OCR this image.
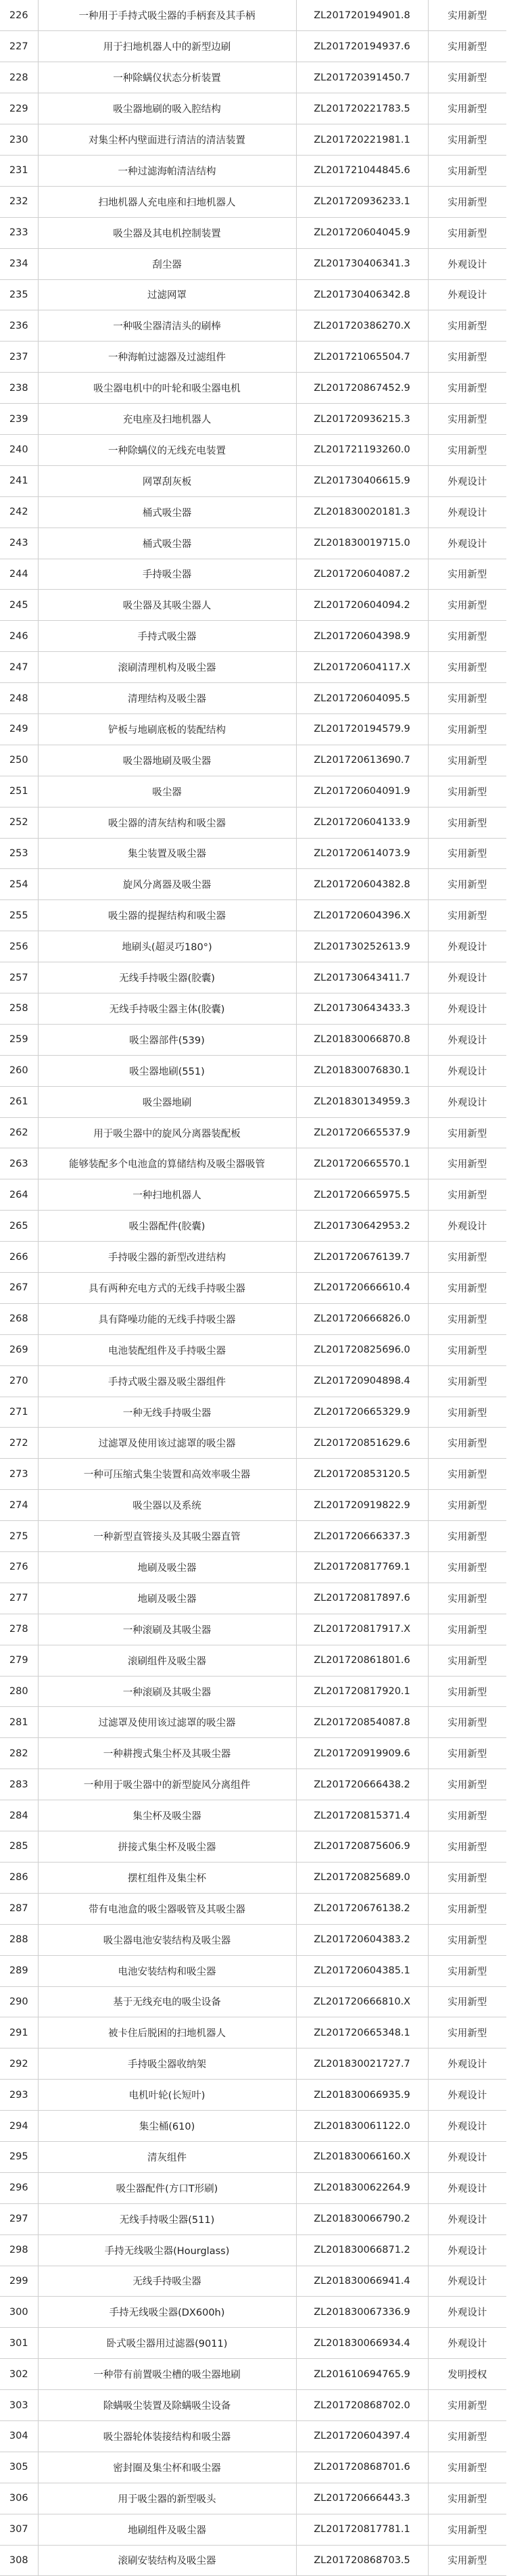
226	一种用于手持式吸尘器的手柄套及其手柄	ZL201720194901.8	实用新型
227	用于扫地机器人中的新型边刷	ZL201720194937.6	实用新型
228	一种除螨仪状态分析装置	ZL201720391450.7	实用新型
229	吸尘器地刷的吸入腔结构	ZL201720221783.5	实用新型
230	对集尘杯内壁面进行清洁的清洁装置	ZL201720221981.1	实用新型
231	一种过滤海帕清洁结构	ZL201721044845.6	实用新型
232	扫地机器人充电座和扫地机器人	ZL201720936233.1	实用新型
233	吸尘器及其电机控制装置	ZL201720604045.9	实用新型
234	刮尘器	ZL201730406341.3	外观设计
235	过滤网罩	ZL201730406342.8	外观设计
236	一种吸尘器清洁头的刷棒	ZL201720386270.X	实用新型
237	一种海帕过滤器及过滤组件	ZL201721065504.7	实用新型
238	吸尘器电机中的叶轮和吸尘器电机	ZL201720867452.9	实用新型
239	充电座及扫地机器人	ZL201720936215.3	实用新型
240	一种除螨仪的无线充电装置	ZL201721193260.0	实用新型
241	网罩刮灰板	ZL201730406615.9	外观设计
242	桶式吸尘器	ZL201830020181.3	外观设计
243	桶式吸尘器	ZL201830019715.0	外观设计
244	手持吸尘器	ZL201720604087.2	实用新型
245	吸尘器及其吸尘器人	ZL201720604094.2	实用新型
246	手持式吸尘器	ZL201720604398.9	实用新型
247	滚刷清理机构及吸尘器	ZL201720604117.X	实用新型
248	清理结构及吸尘器	ZL201720604095.5	实用新型
249	铲板与地刷底板的装配结构	ZL201720194579.9	实用新型
250	吸尘器地刷及吸尘器	ZL201720613690.7	实用新型
251	吸尘器	ZL201720604091.9	实用新型
252	吸尘器的清灰结构和吸尘器	ZL201720604133.9	实用新型
253	集尘装置及吸尘器	ZL201720614073.9	实用新型
254	旋风分离器及吸尘器	ZL201720604382.8	实用新型
255	吸尘器的提握结构和吸尘器	ZL201720604396.X	实用新型
256	地刷头(超灵巧180°)	ZL201730252613.9	外观设计
257	无线手持吸尘器(胶囊)	ZL201730643411.7	外观设计
258	无线手持吸尘器主体(胶囊)	ZL201730643433.3	外观设计
259	吸尘器部件(539)	ZL201830066870.8	外观设计
260	吸尘器地刷(551)	ZL201830076830.1	外观设计
261	吸尘器地刷	ZL201830134959.3	外观设计
262	用于吸尘器中的旋风分离器装配板	ZL201720665537.9	实用新型
263	能够装配多个电池盒的算储结构及吸尘器吸管	ZL201720665570.1	实用新型
264	一种扫地机器人	ZL201720665975.5	实用新型
265	吸尘器配件(胶囊)	ZL201730642953.2	外观设计
266	手持吸尘器的新型改进结构	ZL201720676139.7	实用新型
267	具有两种充电方式的无线手持吸尘器	ZL201720666610.4	实用新型
268	具有降噪功能的无线手持吸尘器	ZL201720666826.0	实用新型
269	电池装配组件及手持吸尘器	ZL201720825696.0	实用新型
270	手持式吸尘器及吸尘器组件	ZL201720904898.4	实用新型
271	一种无线手持吸尘器	ZL201720665329.9	实用新型
272	过滤罩及使用该过滤罩的吸尘器	ZL201720851629.6	实用新型
273	一种可压缩式集尘装置和高效率吸尘器	ZL201720853120.5	实用新型
274	吸尘器以及系统	ZL201720919822.9	实用新型
275	一种新型直管接头及其吸尘器直管	ZL201720666337.3	实用新型
276	地刷及吸尘器	ZL201720817769.1	实用新型
277	地刷及吸尘器	ZL201720817897.6	实用新型
278	一种滚刷及其吸尘器	ZL201720817917.X	实用新型
279	滚刷组件及吸尘器	ZL201720861801.6	实用新型
280	一种滚刷及其吸尘器	ZL201720817920.1	实用新型
281	过滤罩及使用该过滤罩的吸尘器	ZL201720854087.8	实用新型
282	一种耕搜式集尘杯及其吸尘器	ZL201720919909.6	实用新型
283	一种用于吸尘器中的新型旋风分离组件	ZL201720666438.2	实用新型
284	集尘杯及吸尘器	ZL201720815371.4	实用新型
285	拼接式集尘杯及吸尘器	ZL201720875606.9	实用新型
286	摆杠组件及集尘杯	ZL201720825689.0	实用新型
287	带有电池盒的吸尘器吸管及其吸尘器	ZL201720676138.2	实用新型
288	吸尘器电池安装结构及吸尘器	ZL201720604383.2	实用新型
289	电池安装结构和吸尘器	ZL201720604385.1	实用新型
290	基于无线充电的吸尘设备	ZL201720666810.X	实用新型
291	被卡住后脱困的扫地机器人	ZL201720665348.1	实用新型
292	手持吸尘器收纳架	ZL201830021727.7	外观设计
293	电机叶轮(长短叶)	ZL201830066935.9	外观设计
294	集尘桶(610)	ZL201830061122.0	外观设计
295	清灰组件	ZL201830066160.X	外观设计
296	吸尘器配件(方口T形刷)	ZL201830062264.9	外观设计
297	无线手持吸尘器(511)	ZL201830066790.2	外观设计
298	手持无线吸尘器(Hourglass)	ZL201830066871.2	外观设计
299	无线手持吸尘器	ZL201830066941.4	外观设计
300	手持无线吸尘器(DX600h)	ZL201830067336.9	外观设计
301	卧式吸尘器用过滤器(9011)	ZL201830066934.4	外观设计
302	一种带有前置吸尘槽的吸尘器地刷	ZL201610694765.9	发明授权
303	除螨吸尘装置及除螨吸尘设备	ZL201720868702.0	实用新型
304	吸尘器轮体装接结构和吸尘器	ZL201720604397.4	实用新型
305	密封圈及集尘杯和吸尘器	ZL201720868701.6	实用新型
306	用于吸尘器的新型吸头	ZL201720666443.3	实用新型
307	地刷组件及吸尘器	ZL201720817781.1	实用新型
308	滚刷安装结构及吸尘器	ZL201720868703.5	实用新型
